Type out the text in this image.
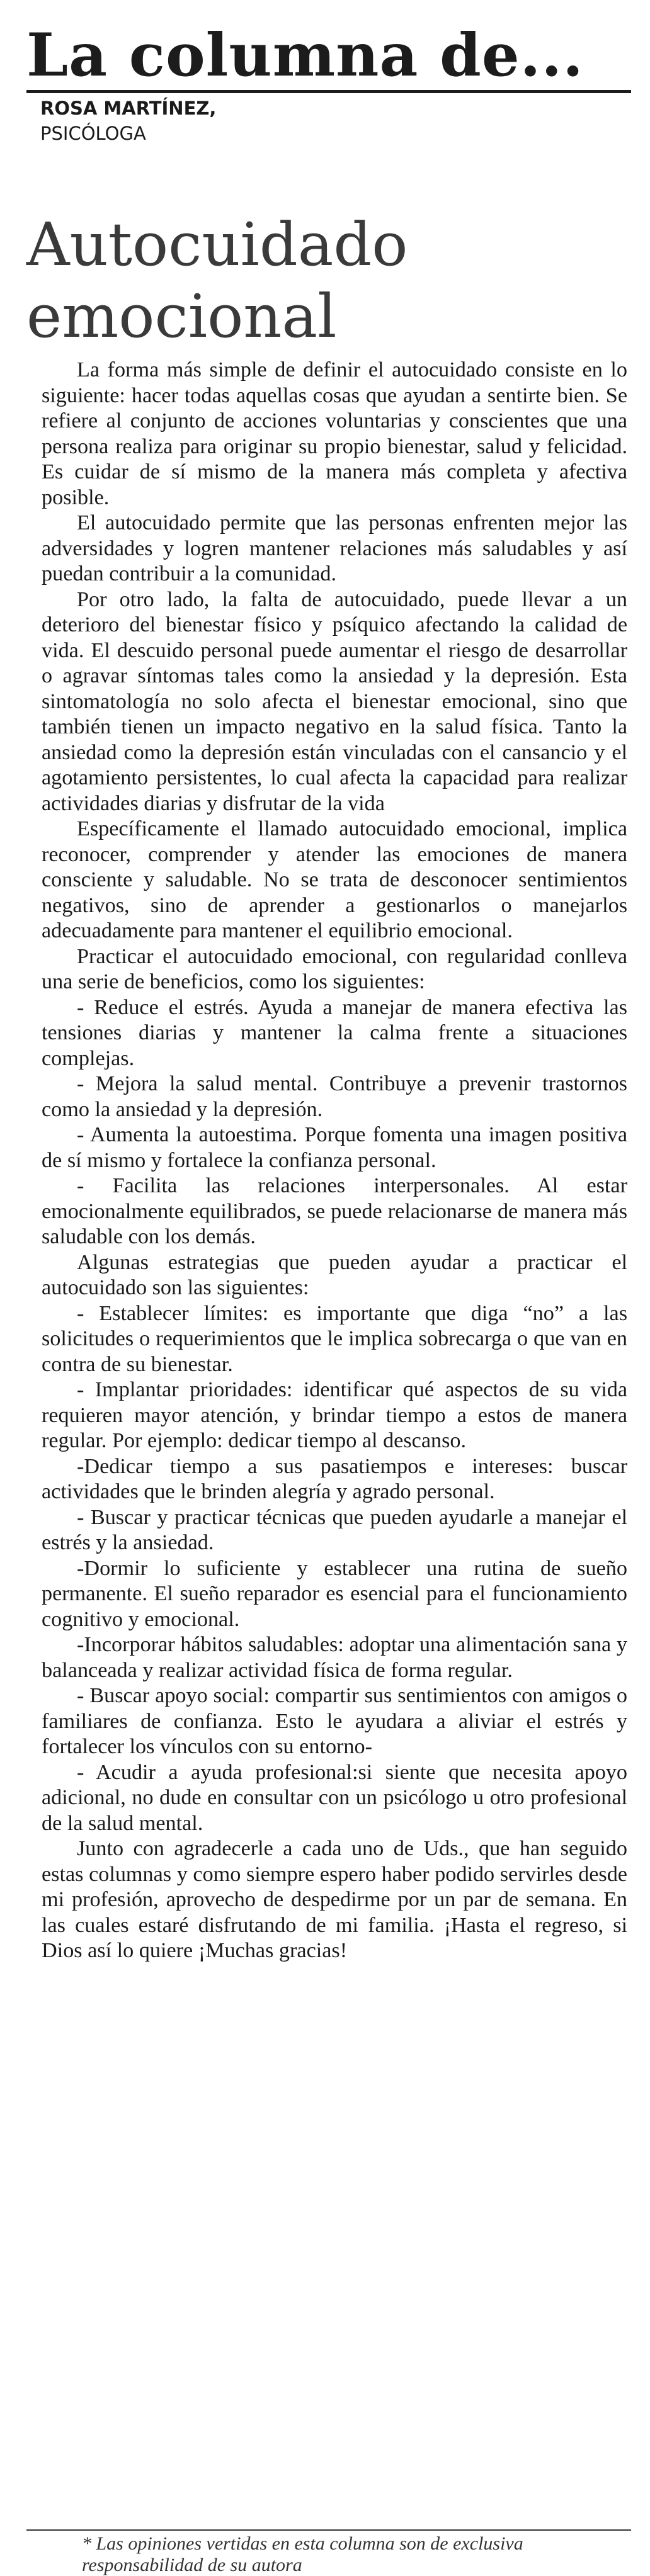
La columna de...
ROSA MARTÍNEZ,
PSICÓLOGA
Autocuidado
emocional

La forma más simple de definir el autocuidado consiste en lo siguiente: hacer todas aquellas cosas que ayudan a sentirte bien. Se refiere al conjunto de acciones voluntarias y conscientes que una persona realiza para originar su propio bienestar, salud y felicidad. Es cuidar de sí mismo de la manera más completa y afectiva posible.

El autocuidado permite que las personas enfrenten mejor las adversidades y logren mantener relaciones más saludables y así puedan contribuir a la comunidad.

Por otro lado, la falta de autocuidado, puede llevar a un deterioro del bienestar físico y psíquico afectando la calidad de vida. El descuido personal puede aumentar el riesgo de desarrollar o agravar síntomas tales como la ansiedad y la depresión. Esta sintomatología no solo afecta el bienestar emocional, sino que también tienen un impacto negativo en la salud física. Tanto la ansiedad como la depresión están vinculadas con el cansancio y el agotamiento persistentes, lo cual afecta la capacidad para realizar actividades diarias y disfrutar de la vida

Específicamente el llamado autocuidado emocional, implica reconocer, comprender y atender las emociones de manera consciente y saludable. No se trata de desconocer sentimientos negativos, sino de aprender a gestionarlos o manejarlos adecuadamente para mantener el equilibrio emocional.

Practicar el autocuidado emocional, con regularidad conlleva una serie de beneficios, como los siguientes:

- Reduce el estrés. Ayuda a manejar de manera efectiva las tensiones diarias y mantener la calma frente a situaciones complejas.

- Mejora la salud mental. Contribuye a prevenir trastornos como la ansiedad y la depresión.

- Aumenta la autoestima. Porque fomenta una imagen positiva de sí mismo y fortalece la confianza personal.

- Facilita las relaciones interpersonales. Al estar emocionalmente equilibrados, se puede relacionarse de manera más saludable con los demás.

Algunas estrategias que pueden ayudar a practicar el autocuidado son las siguientes:

- Establecer límites: es importante que diga “no” a las solicitudes o requerimientos que le implica sobrecarga o que van en contra de su bienestar.

- Implantar prioridades: identificar qué aspectos de su vida requieren mayor atención, y brindar tiempo a estos de manera regular. Por ejemplo: dedicar tiempo al descanso.

-Dedicar tiempo a sus pasatiempos e intereses: buscar actividades que le brinden alegría y agrado personal.

- Buscar y practicar técnicas que pueden ayudarle a manejar el estrés y la ansiedad.

-Dormir lo suficiente y establecer una rutina de sueño permanente. El sueño reparador es esencial para el funcionamiento cognitivo y emocional.

-Incorporar hábitos saludables: adoptar una alimentación sana y balanceada y realizar actividad física de forma regular.

- Buscar apoyo social: compartir sus sentimientos con amigos o familiares de confianza. Esto le ayudara a aliviar el estrés y fortalecer los vínculos con su entorno-

- Acudir a ayuda profesional:si siente que necesita apoyo adicional, no dude en consultar con un psicólogo u otro profesional de la salud mental.

Junto con agradecerle a cada uno de Uds., que han seguido estas columnas y como siempre espero haber podido servirles desde mi profesión, aprovecho de despedirme por un par de semana. En las cuales estaré disfrutando de mi familia. ¡Hasta el regreso, si Dios así lo quiere ¡Muchas gracias!

* Las opiniones vertidas en esta columna son de exclusiva responsabilidad de su autora
